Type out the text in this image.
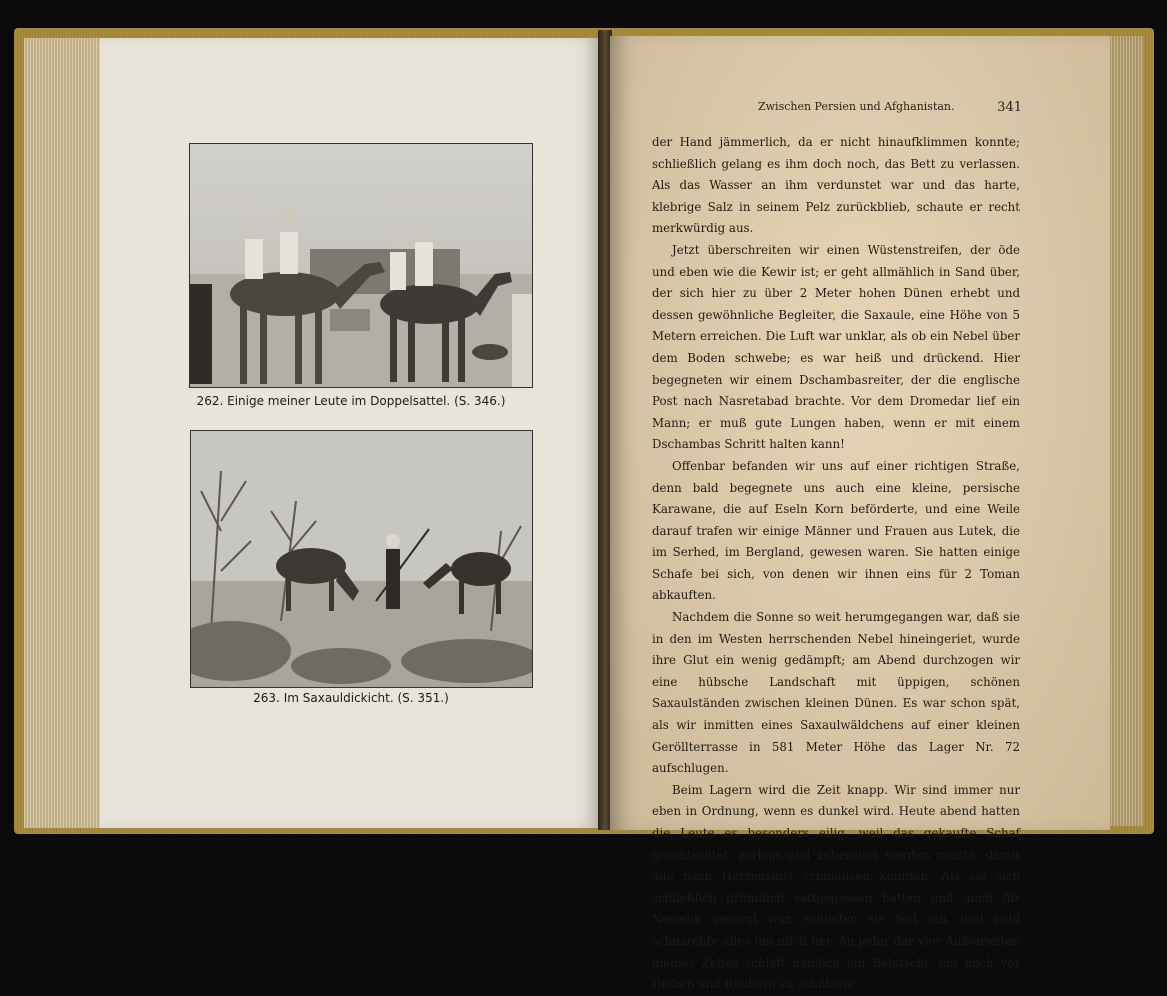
262. Einige meiner Leute im Doppelsattel. (S. 346.)
263. Im Saxauldickicht. (S. 351.)
Zwischen Persien und Afghanistan.	341

der Hand jämmerlich, da er nicht hinaufklimmen konnte; schließlich gelang es ihm doch noch, das Bett zu verlassen. Als das Wasser an ihm verdunstet war und das harte, klebrige Salz in seinem Pelz zurückblieb, schaute er recht merkwürdig aus.

Jetzt überschreiten wir einen Wüstenstreifen, der öde und eben wie die Kewir ist; er geht allmählich in Sand über, der sich hier zu über 2 Meter hohen Dünen erhebt und dessen gewöhnliche Begleiter, die Saxaule, eine Höhe von 5 Metern erreichen. Die Luft war unklar, als ob ein Nebel über dem Boden schwebe; es war heiß und drückend. Hier begegneten wir einem Dschambasreiter, der die englische Post nach Nasretabad brachte. Vor dem Dromedar lief ein Mann; er muß gute Lungen haben, wenn er mit einem Dschambas Schritt halten kann!

Offenbar befanden wir uns auf einer richtigen Straße, denn bald begegnete uns auch eine kleine, persische Karawane, die auf Eseln Korn beförderte, und eine Weile darauf trafen wir einige Männer und Frauen aus Lutek, die im Serhed, im Bergland, gewesen waren. Sie hatten einige Schafe bei sich, von denen wir ihnen eins für 2 Toman abkauften.

Nachdem die Sonne so weit herumgegangen war, daß sie in den im Westen herrschenden Nebel hineingeriet, wurde ihre Glut ein wenig gedämpft; am Abend durchzogen wir eine hübsche Landschaft mit üppigen, schönen Saxaulständen zwischen kleinen Dünen. Es war schon spät, als wir inmitten eines Saxaulwäldchens auf einer kleinen Geröllterrasse in 581 Meter Höhe das Lager Nr. 72 aufschlugen.

Beim Lagern wird die Zeit knapp. Wir sind immer nur eben in Ordnung, wenn es dunkel wird. Heute abend hatten die Leute es besonders eilig, weil das gekaufte Schaf geschlachtet, zerlegt und zubereitet werden mußte, damit alle nach Herzenslust schmausen konnten. Als sie sich schließlich gründlich sattgegessen hatten und auch für Newenk gesorgt war, schliefen sie fest ein, und bald schnarchte alles um mich her. An jeder der vier Außenseiten meines Zeltes schläft nämlich ein Belutschi, um mich vor Dieben und Räubern zu schützen;
